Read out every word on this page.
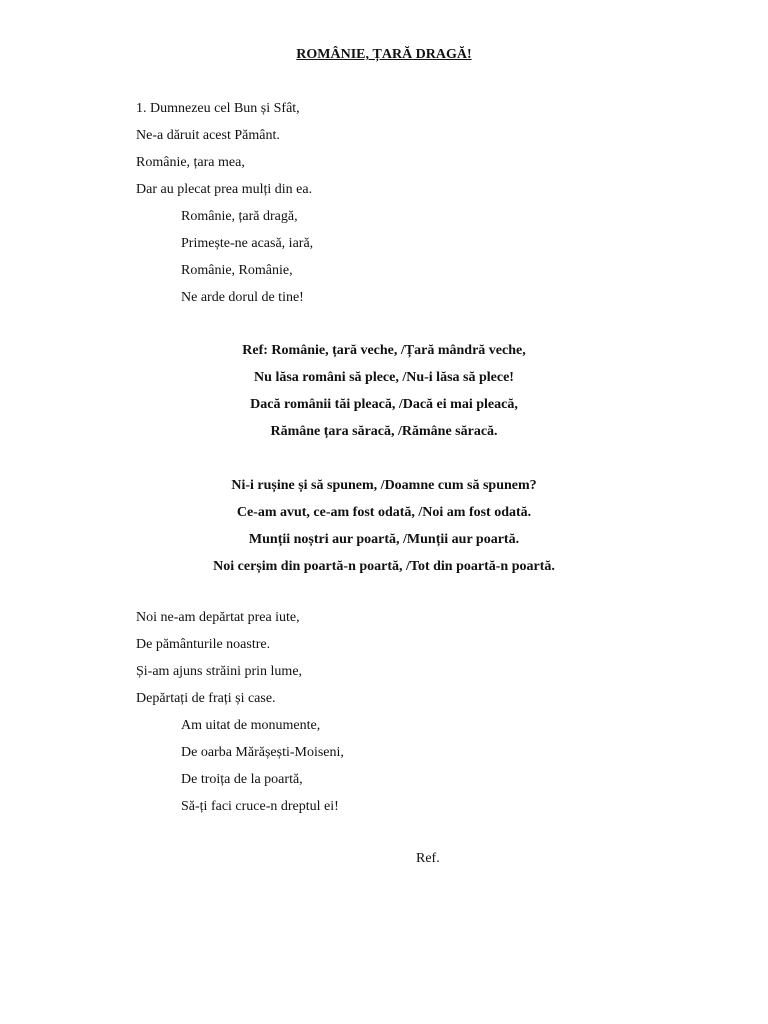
ROMÂNIE, ȚARĂ DRAGĂ!
1. Dumnezeu cel Bun și Sfât,
Ne-a dăruit acest Pământ.
Românie, țara mea,
Dar au plecat prea mulți din ea.
Românie, țară dragă,
Primește-ne acasă, iară,
Românie, Românie,
Ne arde dorul de tine!
Ref: Românie, țară veche, /Țară mândră veche,
Nu lăsa românі să plece, /Nu-i lăsa să plece!
Dacă românii tăi pleacă, /Dacă ei mai pleacă,
Rămâne țara săracă, /Rămâne săracă.
Ni-i rușine și să spunem, /Doamne cum să spunem?
Ce-am avut, ce-am fost odată, /Noi am fost odată.
Munții noștri aur poartă, /Munții aur poartă.
Noi cerșim din poartă-n poartă, /Tot din poartă-n poartă.
Noi ne-am depărtat prea iute,
De pământurile noastre.
Și-am ajuns străini prin lume,
Depărtați de frați și case.
Am uitat de monumente,
De oarba Mărășești-Moiseni,
De troița de la poartă,
Să-ți faci cruce-n dreptul ei!
Ref.
